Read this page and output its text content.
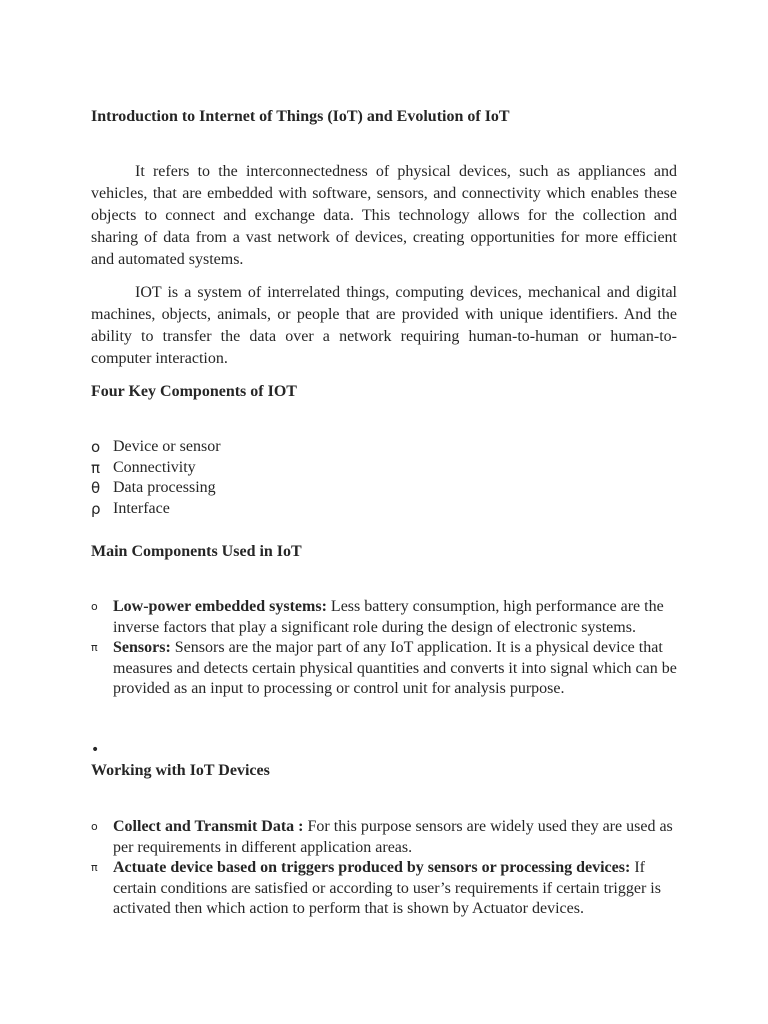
Introduction to Internet of Things (IoT) and Evolution of IoT

It refers to the interconnectedness of physical devices, such as appliances and vehicles, that are embedded with software, sensors, and connectivity which enables these objects to connect and exchange data. This technology allows for the collection and sharing of data from a vast network of devices, creating opportunities for more efficient and automated systems.

IOT is a system of interrelated things, computing devices, mechanical and digital machines, objects, animals, or people that are provided with unique identifiers. And the ability to transfer the data over a network requiring human-to-human or human-to-computer interaction.

Four Key Components of IOT
o Device or sensor
π Connectivity
θ Data processing
ρ Interface
Main Components Used in IoT
o Low-power embedded systems: Less battery consumption, high performance are the inverse factors that play a significant role during the design of electronic systems.
π Sensors: Sensors are the major part of any IoT application. It is a physical device that measures and detects certain physical quantities and converts it into signal which can be provided as an input to processing or control unit for analysis purpose.
•
Working with IoT Devices
o Collect and Transmit Data : For this purpose sensors are widely used they are used as per requirements in different application areas.
π Actuate device based on triggers produced by sensors or processing devices: If certain conditions are satisfied or according to user’s requirements if certain trigger is activated then which action to perform that is shown by Actuator devices.
